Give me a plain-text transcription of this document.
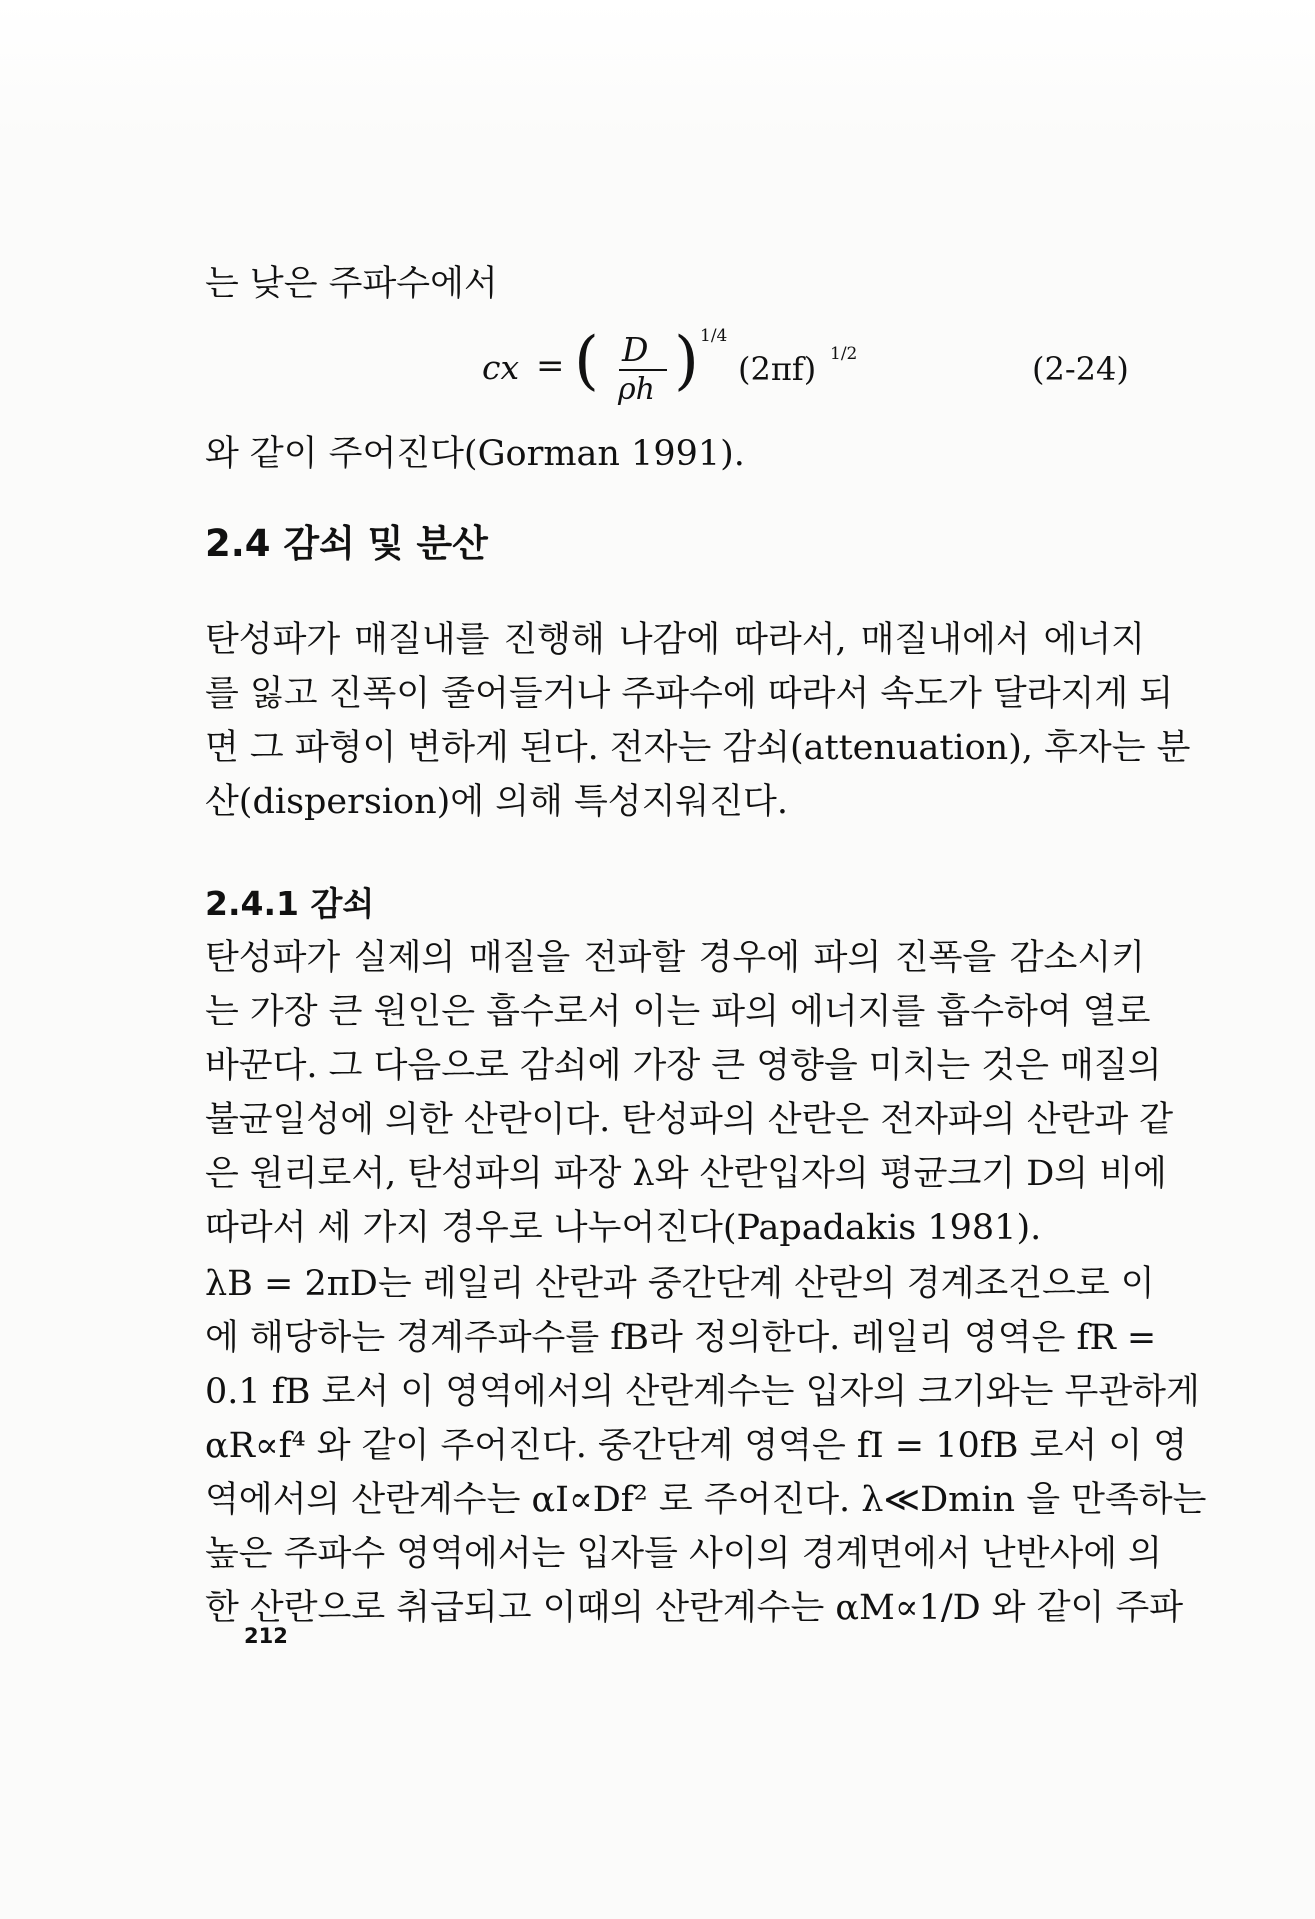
는 낮은 주파수에서
cx = ( D
ρh ) 1/4
(2πf) 1/2	(2-24)
와 같이 주어진다(Gorman 1991).
2.4 감쇠 및 분산
탄성파가 매질내를 진행해 나감에 따라서, 매질내에서 에너지
를 잃고 진폭이 줄어들거나 주파수에 따라서 속도가 달라지게 되
면 그 파형이 변하게 된다. 전자는 감쇠(attenuation), 후자는 분
산(dispersion)에 의해 특성지워진다.
2.4.1 감쇠
탄성파가 실제의 매질을 전파할 경우에 파의 진폭을 감소시키
는 가장 큰 원인은 흡수로서 이는 파의 에너지를 흡수하여 열로
바꾼다. 그 다음으로 감쇠에 가장 큰 영향을 미치는 것은 매질의
불균일성에 의한 산란이다. 탄성파의 산란은 전자파의 산란과 같
은 원리로서, 탄성파의 파장 λ와 산란입자의 평균크기 D의 비에
따라서 세 가지 경우로 나누어진다(Papadakis 1981).
λB = 2πD는 레일리 산란과 중간단계 산란의 경계조건으로 이
에 해당하는 경계주파수를 fB라 정의한다. 레일리 영역은 fR =
0.1 fB 로서 이 영역에서의 산란계수는 입자의 크기와는 무관하게
αR∝f⁴ 와 같이 주어진다. 중간단계 영역은 fI = 10fB 로서 이 영
역에서의 산란계수는 αI∝Df² 로 주어진다. λ≪Dmin 을 만족하는
높은 주파수 영역에서는 입자들 사이의 경계면에서 난반사에 의
한 산란으로 취급되고 이때의 산란계수는 αM∝1/D 와 같이 주파
212
